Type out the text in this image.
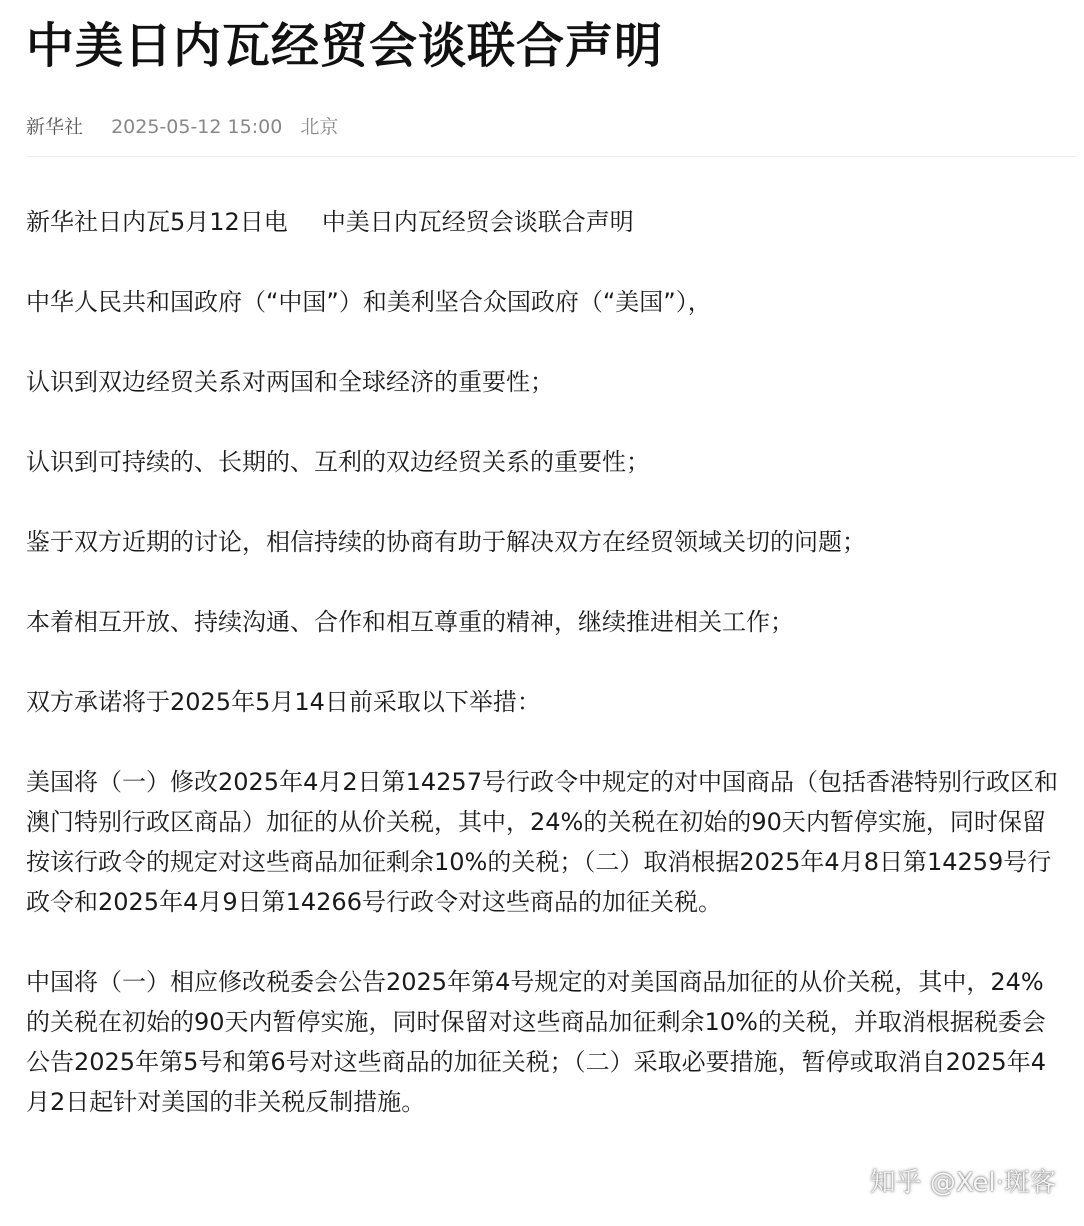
中美日内瓦经贸会谈联合声明
新华社 2025-05-12 15:00 北京

新华社日内瓦5月12日电 中美日内瓦经贸会谈联合声明

中华人民共和国政府（“中国”）和美利坚合众国政府（“美国”），

认识到双边经贸关系对两国和全球经济的重要性；

认识到可持续的、长期的、互利的双边经贸关系的重要性；

鉴于双方近期的讨论，相信持续的协商有助于解决双方在经贸领域关切的问题；

本着相互开放、持续沟通、合作和相互尊重的精神，继续推进相关工作；

双方承诺将于2025年5月14日前采取以下举措：

美国将（一）修改2025年4月2日第14257号行政令中规定的对中国商品（包括香港特别行政区和澳门特别行政区商品）加征的从价关税，其中，24%的关税在初始的90天内暂停实施，同时保留按该行政令的规定对这些商品加征剩余10%的关税；（二）取消根据2025年4月8日第14259号行政令和2025年4月9日第14266号行政令对这些商品的加征关税。

中国将（一）相应修改税委会公告2025年第4号规定的对美国商品加征的从价关税，其中，24%的关税在初始的90天内暂停实施，同时保留对这些商品加征剩余10%的关税，并取消根据税委会公告2025年第5号和第6号对这些商品的加征关税；（二）采取必要措施，暂停或取消自2025年4月2日起针对美国的非关税反制措施。

知乎 @Xel·斑客
